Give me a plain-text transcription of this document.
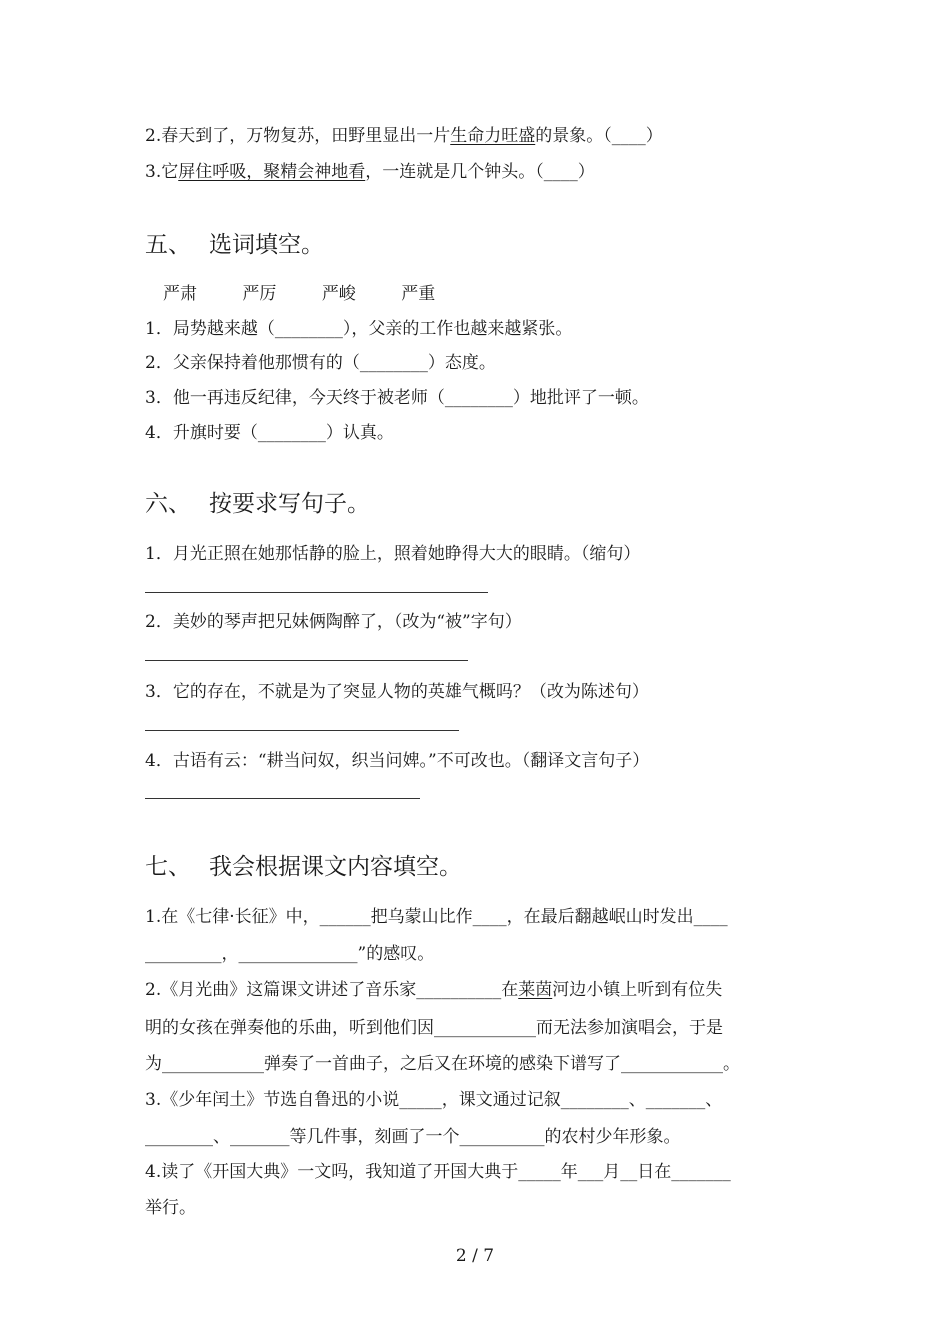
2.春天到了，万物复苏，田野里显出一片生命力旺盛的景象。（____）
3.它屏住呼吸，聚精会神地看，一连就是几个钟头。（____）
五、 选词填空。
严肃	严厉	严峻	严重
1．局势越来越（________），父亲的工作也越来越紧张。
2．父亲保持着他那惯有的（________）态度。
3．他一再违反纪律，今天终于被老师（________）地批评了一顿。
4．升旗时要（________）认真。
六、 按要求写句子。
1．月光正照在她那恬静的脸上，照着她睁得大大的眼睛。（缩句）
2．美妙的琴声把兄妹俩陶醉了，（改为“被”字句）
3．它的存在，不就是为了突显人物的英雄气概吗？（改为陈述句）
4．古语有云：“耕当问奴，织当问婢。”不可改也。（翻译文言句子）
七、 我会根据课文内容填空。
1.在《七律·长征》中，______把乌蒙山比作____，在最后翻越岷山时发出____
_________，______________”的感叹。
2.《月光曲》这篇课文讲述了音乐家__________在莱茵河边小镇上听到有位失
明的女孩在弹奏他的乐曲，听到他们因____________而无法参加演唱会，于是
为____________弹奏了一首曲子，之后又在环境的感染下谱写了____________。
3.《少年闰土》节选自鲁迅的小说_____，课文通过记叙________、_______、
________、_______等几件事，刻画了一个__________的农村少年形象。
4.读了《开国大典》一文吗，我知道了开国大典于_____年___月__日在_______
举行。
2 / 7
